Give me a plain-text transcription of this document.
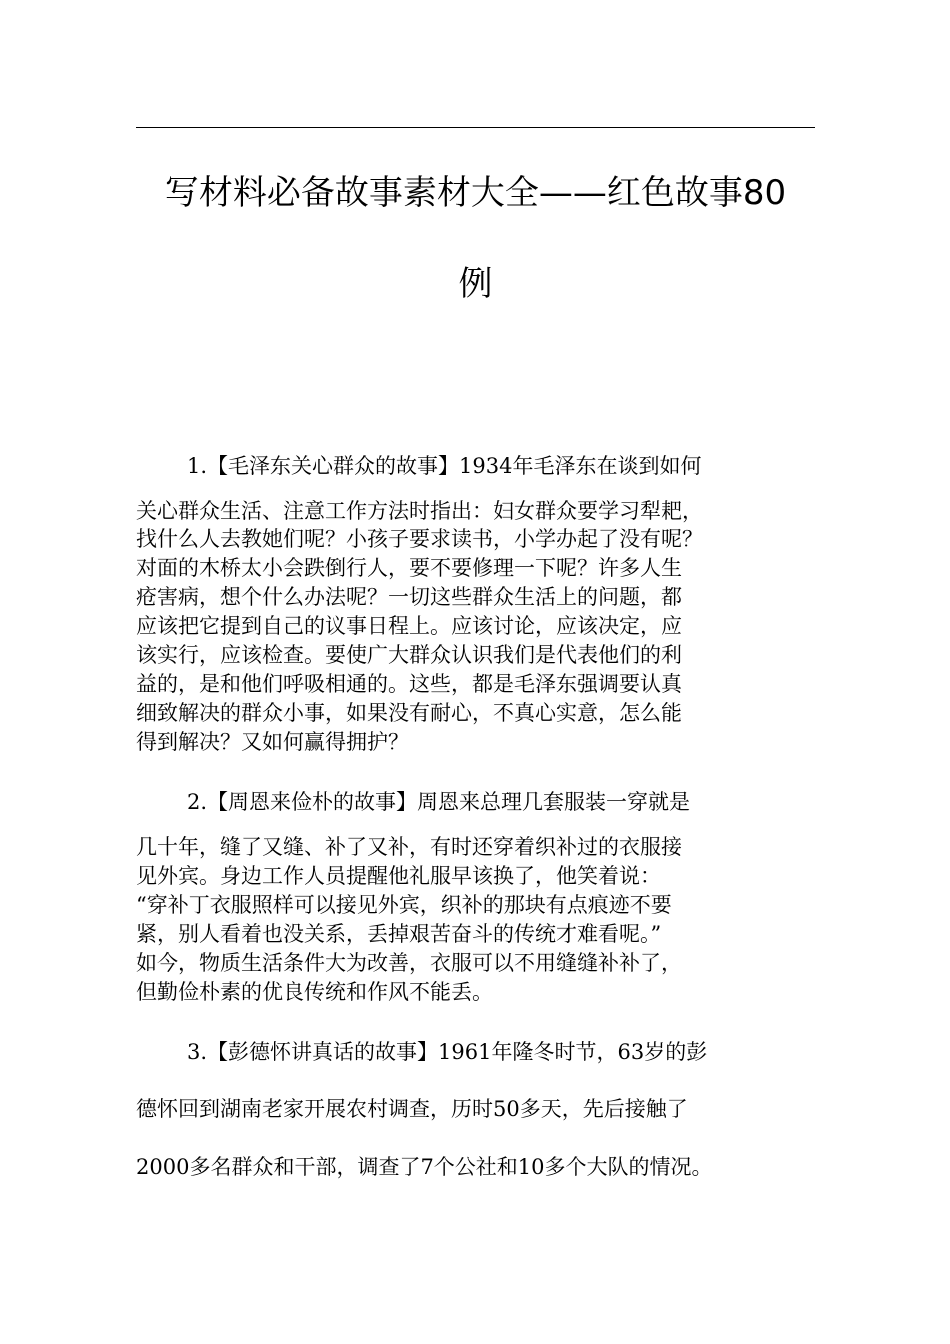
写材料必备故事素材大全——红色故事80
例
1.【毛泽东关心群众的故事】1934年毛泽东在谈到如何
关心群众生活、注意工作方法时指出：妇女群众要学习犁耙，
找什么人去教她们呢？小孩子要求读书，小学办起了没有呢？
对面的木桥太小会跌倒行人，要不要修理一下呢？许多人生
疮害病，想个什么办法呢？一切这些群众生活上的问题，都
应该把它提到自己的议事日程上。应该讨论，应该决定，应
该实行，应该检查。要使广大群众认识我们是代表他们的利
益的，是和他们呼吸相通的。这些，都是毛泽东强调要认真
细致解决的群众小事，如果没有耐心，不真心实意，怎么能
得到解决？又如何赢得拥护？
2.【周恩来俭朴的故事】周恩来总理几套服装一穿就是
几十年，缝了又缝、补了又补，有时还穿着织补过的衣服接
见外宾。身边工作人员提醒他礼服早该换了，他笑着说：
“穿补丁衣服照样可以接见外宾，织补的那块有点痕迹不要
紧，别人看着也没关系，丢掉艰苦奋斗的传统才难看呢。”
如今，物质生活条件大为改善，衣服可以不用缝缝补补了，
但勤俭朴素的优良传统和作风不能丢。
3.【彭德怀讲真话的故事】1961年隆冬时节，63岁的彭
德怀回到湖南老家开展农村调查，历时50多天，先后接触了
2000多名群众和干部，调查了7个公社和10多个大队的情况。
